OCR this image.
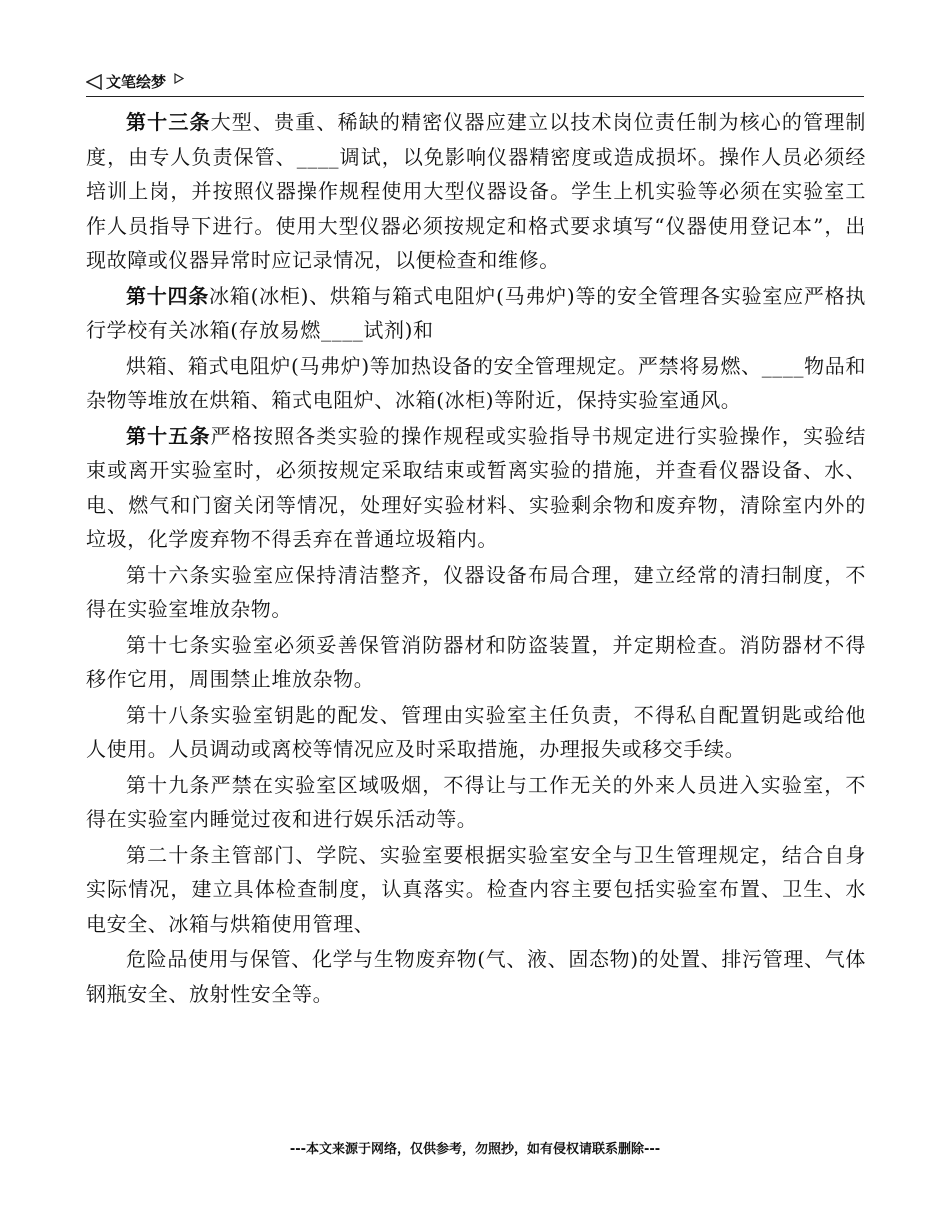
文笔绘梦

第十三条大型、贵重、稀缺的精密仪器应建立以技术岗位责任制为核心的管理制度，由专人负责保管、____调试，以免影响仪器精密度或造成损坏。操作人员必须经培训上岗，并按照仪器操作规程使用大型仪器设备。学生上机实验等必须在实验室工作人员指导下进行。使用大型仪器必须按规定和格式要求填写“仪器使用登记本”，出现故障或仪器异常时应记录情况，以便检查和维修。

第十四条冰箱(冰柜)、烘箱与箱式电阻炉(马弗炉)等的安全管理各实验室应严格执行学校有关冰箱(存放易燃____试剂)和

烘箱、箱式电阻炉(马弗炉)等加热设备的安全管理规定。严禁将易燃、____物品和杂物等堆放在烘箱、箱式电阻炉、冰箱(冰柜)等附近，保持实验室通风。

第十五条严格按照各类实验的操作规程或实验指导书规定进行实验操作，实验结束或离开实验室时，必须按规定采取结束或暂离实验的措施，并查看仪器设备、水、电、燃气和门窗关闭等情况，处理好实验材料、实验剩余物和废弃物，清除室内外的垃圾，化学废弃物不得丢弃在普通垃圾箱内。

第十六条实验室应保持清洁整齐，仪器设备布局合理，建立经常的清扫制度，不得在实验室堆放杂物。

第十七条实验室必须妥善保管消防器材和防盗装置，并定期检查。消防器材不得移作它用，周围禁止堆放杂物。

第十八条实验室钥匙的配发、管理由实验室主任负责，不得私自配置钥匙或给他人使用。人员调动或离校等情况应及时采取措施，办理报失或移交手续。

第十九条严禁在实验室区域吸烟，不得让与工作无关的外来人员进入实验室，不得在实验室内睡觉过夜和进行娱乐活动等。

第二十条主管部门、学院、实验室要根据实验室安全与卫生管理规定，结合自身实际情况，建立具体检查制度，认真落实。检查内容主要包括实验室布置、卫生、水电安全、冰箱与烘箱使用管理、

危险品使用与保管、化学与生物废弃物(气、液、固态物)的处置、排污管理、气体钢瓶安全、放射性安全等。

---本文来源于网络，仅供参考，勿照抄，如有侵权请联系删除---
